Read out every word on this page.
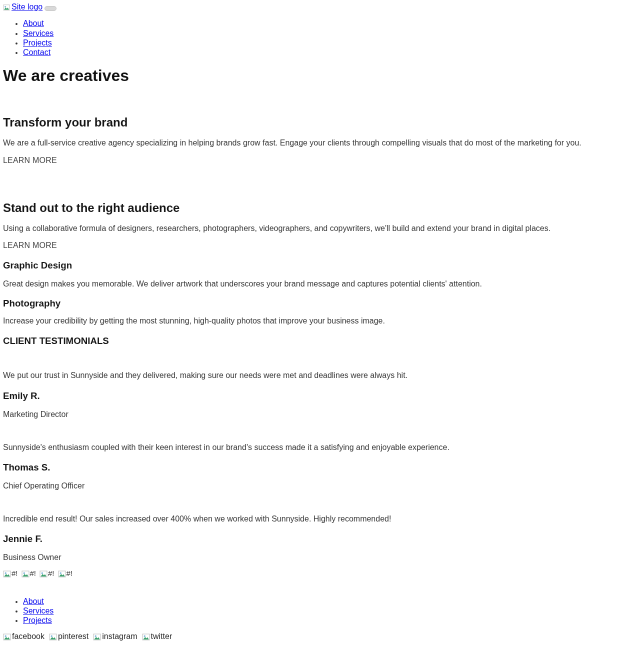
Site logo
• About
• Services
• Projects
• Contact
We are creatives
Transform your brand

We are a full-service creative agency specializing in helping brands grow fast. Engage your clients through compelling visuals that do most of the marketing for you.

LEARN MORE

Stand out to the right audience

Using a collaborative formula of designers, researchers, photographers, videographers, and copywriters, we'll build and extend your brand in digital places.

LEARN MORE

Graphic Design

Great design makes you memorable. We deliver artwork that underscores your brand message and captures potential clients' attention.

Photography

Increase your credibility by getting the most stunning, high-quality photos that improve your business image.

CLIENT TESTIMONIALS

We put our trust in Sunnyside and they delivered, making sure our needs were met and deadlines were always hit.

Emily R.

Marketing Director

Sunnyside's enthusiasm coupled with their keen interest in our brand's success made it a satisfying and enjoyable experience.

Thomas S.

Chief Operating Officer

Incredible end result! Our sales increased over 400% when we worked with Sunnyside. Highly recommended!

Jennie F.

Business Owner

#! #! #! #!
• About
• Services
• Projects
facebook pinterest instagram twitter
